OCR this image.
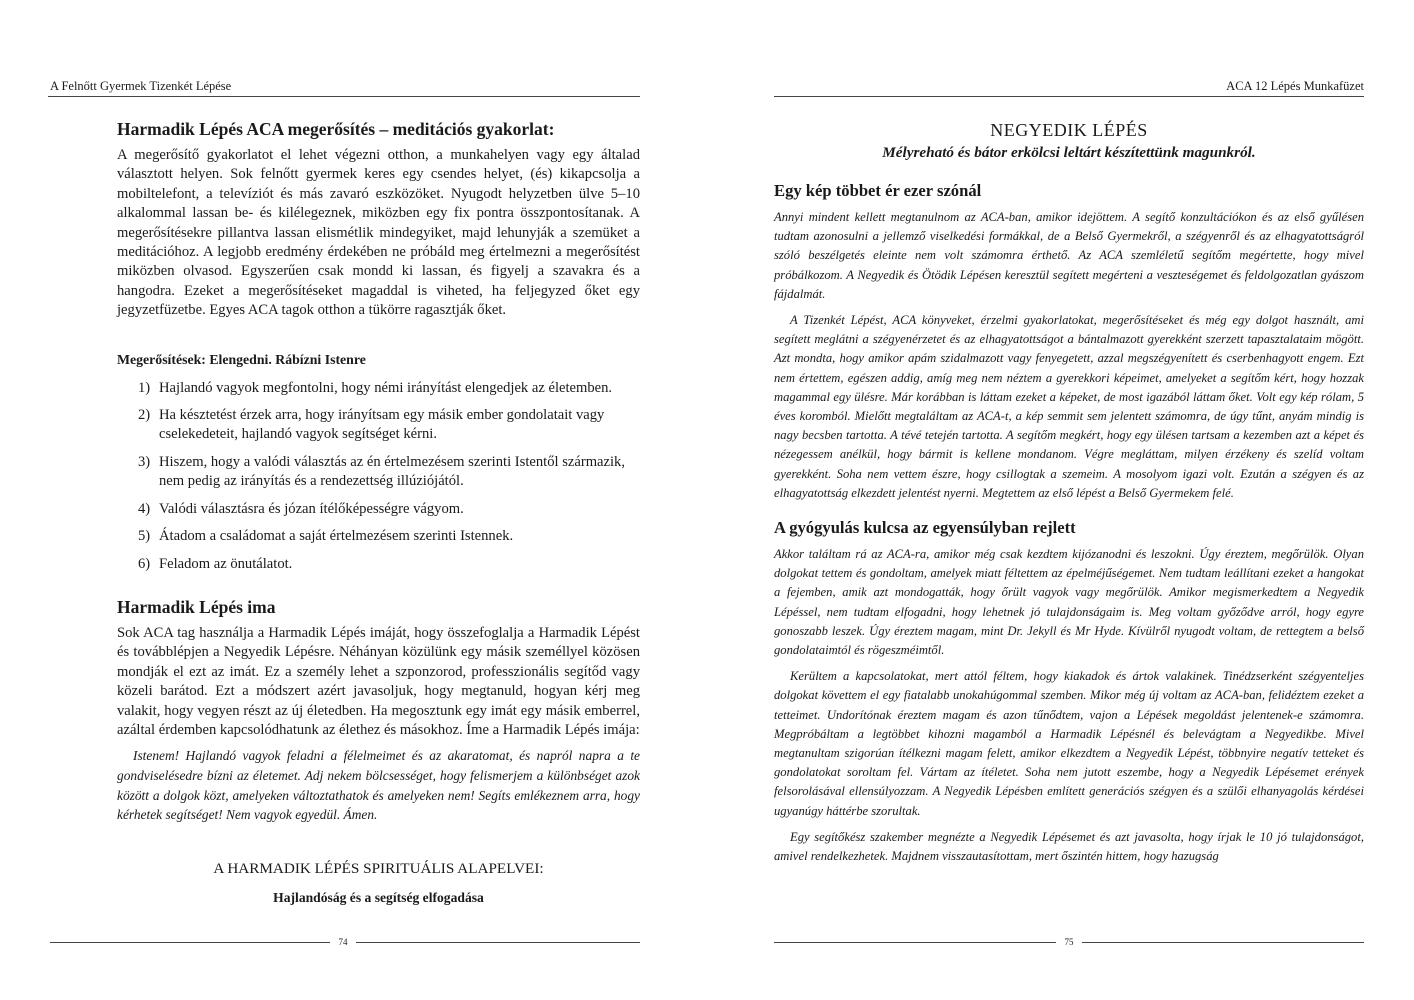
A Felnőtt Gyermek Tizenkét Lépése
Harmadik Lépés ACA megerősítés – meditációs gyakorlat:

A megerősítő gyakorlatot el lehet végezni otthon, a munkahelyen vagy egy általad választott helyen. Sok felnőtt gyermek keres egy csendes helyet, (és) kikapcsolja a mobiltelefont, a televíziót és más zavaró eszközöket. Nyugodt helyzetben ülve 5–10 alkalommal lassan be- és kilélegeznek, miközben egy fix pontra összpontosítanak. A megerősítésekre pillantva lassan elismétlik mindegyiket, majd lehunyják a szemüket a meditációhoz. A legjobb eredmény érdekében ne próbáld meg értelmezni a megerősítést miközben olvasod. Egyszerűen csak mondd ki lassan, és figyelj a szavakra és a hangodra. Ezeket a megerősítéseket magaddal is viheted, ha feljegyzed őket egy jegyzetfüzetbe. Egyes ACA tagok otthon a tükörre ragasztják őket.

Megerősítések: Elengedni. Rábízni Istenre
1) Hajlandó vagyok megfontolni, hogy némi irányítást elengedjek az életemben.
2) Ha késztetést érzek arra, hogy irányítsam egy másik ember gondolatait vagy cselekedeteit, hajlandó vagyok segítséget kérni.
3) Hiszem, hogy a valódi választás az én értelmezésem szerinti Istentől származik, nem pedig az irányítás és a rendezettség illúziójától.
4) Valódi választásra és józan ítélőképességre vágyom.
5) Átadom a családomat a saját értelmezésem szerinti Istennek.
6) Feladom az önutálatot.
Harmadik Lépés ima

Sok ACA tag használja a Harmadik Lépés imáját, hogy összefoglalja a Harmadik Lépést és továbblépjen a Negyedik Lépésre. Néhányan közülünk egy másik személlyel közösen mondják el ezt az imát. Ez a személy lehet a szponzorod, professzionális segítőd vagy közeli barátod. Ezt a módszert azért javasoljuk, hogy megtanuld, hogyan kérj meg valakit, hogy vegyen részt az új életedben. Ha megosztunk egy imát egy másik emberrel, azáltal érdemben kapcsolódhatunk az élethez és másokhoz. Íme a Harmadik Lépés imája:

Istenem! Hajlandó vagyok feladni a félelmeimet és az akaratomat, és napról napra a te gondviselésedre bízni az életemet. Adj nekem bölcsességet, hogy felismerjem a különbséget azok között a dolgok közt, amelyeken változtathatok és amelyeken nem! Segíts emlékeznem arra, hogy kérhetek segítséget! Nem vagyok egyedül. Ámen.

A HARMADIK LÉPÉS SPIRITUÁLIS ALAPELVEI:
Hajlandóság és a segítség elfogadása
74
ACA 12 Lépés Munkafüzet
NEGYEDIK LÉPÉS
Mélyreható és bátor erkölcsi leltárt készítettünk magunkról.
Egy kép többet ér ezer szónál

Annyi mindent kellett megtanulnom az ACA-ban, amikor idejöttem. A segítő konzultációkon és az első gyűlésen tudtam azonosulni a jellemző viselkedési formákkal, de a Belső Gyermekről, a szégyenről és az elhagyatottságról szóló beszélgetés eleinte nem volt számomra érthető. Az ACA szemléletű segítőm megértette, hogy mivel próbálkozom. A Negyedik és Ötödik Lépésen keresztül segített megérteni a veszteségemet és feldolgozatlan gyászom fájdalmát.

A Tizenkét Lépést, ACA könyveket, érzelmi gyakorlatokat, megerősítéseket és még egy dolgot használt, ami segített meglátni a szégyenérzetet és az elhagyatottságot a bántalmazott gyerekként szerzett tapasztalataim mögött. Azt mondta, hogy amikor apám szidalmazott vagy fenyegetett, azzal megszégyenített és cserbenhagyott engem. Ezt nem értettem, egészen addig, amíg meg nem néztem a gyerekkori képeimet, amelyeket a segítőm kért, hogy hozzak magammal egy ülésre. Már korábban is láttam ezeket a képeket, de most igazából láttam őket. Volt egy kép rólam, 5 éves koromból. Mielőtt megtaláltam az ACA-t, a kép semmit sem jelentett számomra, de úgy tűnt, anyám mindig is nagy becsben tartotta. A tévé tetején tartotta. A segítőm megkért, hogy egy ülésen tartsam a kezemben azt a képet és nézegessem anélkül, hogy bármit is kellene mondanom. Végre megláttam, milyen érzékeny és szelíd voltam gyerekként. Soha nem vettem észre, hogy csillogtak a szemeim. A mosolyom igazi volt. Ezután a szégyen és az elhagyatottság elkezdett jelentést nyerni. Megtettem az első lépést a Belső Gyermekem felé.

A gyógyulás kulcsa az egyensúlyban rejlett

Akkor találtam rá az ACA-ra, amikor még csak kezdtem kijózanodni és leszokni. Úgy éreztem, megőrülök. Olyan dolgokat tettem és gondoltam, amelyek miatt féltettem az épelméjűségemet. Nem tudtam leállítani ezeket a hangokat a fejemben, amik azt mondogatták, hogy őrült vagyok vagy megőrülök. Amikor megismerkedtem a Negyedik Lépéssel, nem tudtam elfogadni, hogy lehetnek jó tulajdonságaim is. Meg voltam győződve arról, hogy egyre gonoszabb leszek. Úgy éreztem magam, mint Dr. Jekyll és Mr Hyde. Kívülről nyugodt voltam, de rettegtem a belső gondolataimtól és rögeszméimtől.

Kerültem a kapcsolatokat, mert attól féltem, hogy kiakadok és ártok valakinek. Tinédzserként szégyenteljes dolgokat követtem el egy fiatalabb unokahúgommal szemben. Mikor még új voltam az ACA-ban, felidéztem ezeket a tetteimet. Undorítónak éreztem magam és azon tűnődtem, vajon a Lépések megoldást jelentenek-e számomra. Megpróbáltam a legtöbbet kihozni magamból a Harmadik Lépésnél és belevágtam a Negyedikbe. Mivel megtanultam szigorúan ítélkezni magam felett, amikor elkezdtem a Negyedik Lépést, többnyire negatív tetteket és gondolatokat soroltam fel. Vártam az ítéletet. Soha nem jutott eszembe, hogy a Negyedik Lépésemet erények felsorolásával ellensúlyozzam. A Negyedik Lépésben említett generációs szégyen és a szülői elhanyagolás kérdései ugyanúgy háttérbe szorultak.

Egy segítőkész szakember megnézte a Negyedik Lépésemet és azt javasolta, hogy írjak le 10 jó tulajdonságot, amivel rendelkezhetek. Majdnem visszautasítottam, mert őszintén hittem, hogy hazugság

75
